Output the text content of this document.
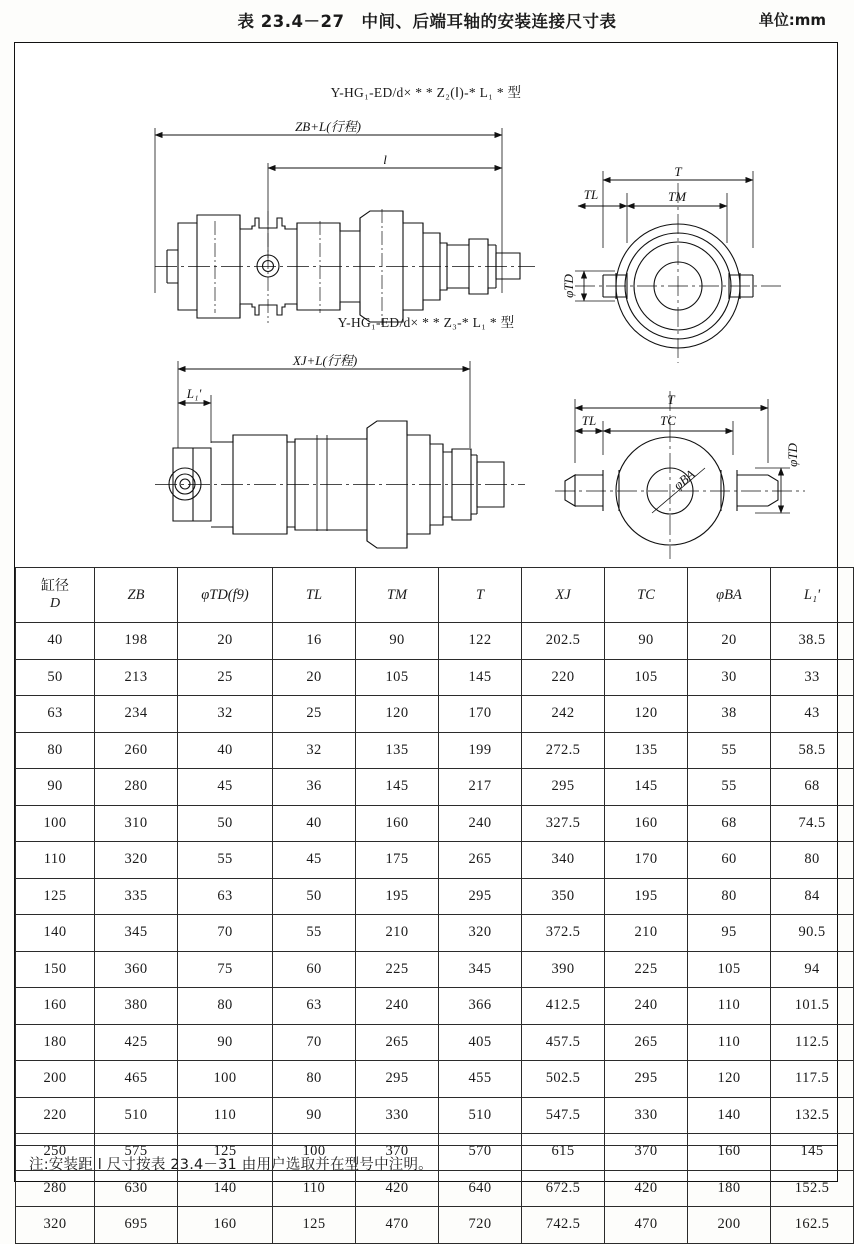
表 23.4－27　中间、后端耳轴的安装连接尺寸表	单位:mm
Y-HG₁-ED/d× * * Z₂(Ⅰ)-* L₁ * 型
Y-HG₁-ED/d× * * Z₃-* L₁ * 型
ZB+L(行程)
l
T
TL	TM
φTD
XJ+L(行程)
L₁'	T
TL	TC
φBA
φTD
缸径
D	ZB	φTD(f9)	TL	TM	T	XJ	TC	φBA	L₁'
40	198	20	16	90	122	202.5	90	20	38.5
50	213	25	20	105	145	220	105	30	33
63	234	32	25	120	170	242	120	38	43
80	260	40	32	135	199	272.5	135	55	58.5
90	280	45	36	145	217	295	145	55	68
100	310	50	40	160	240	327.5	160	68	74.5
110	320	55	45	175	265	340	170	60	80
125	335	63	50	195	295	350	195	80	84
140	345	70	55	210	320	372.5	210	95	90.5
150	360	75	60	225	345	390	225	105	94
160	380	80	63	240	366	412.5	240	110	101.5
180	425	90	70	265	405	457.5	265	110	112.5
200	465	100	80	295	455	502.5	295	120	117.5
220	510	110	90	330	510	547.5	330	140	132.5
250	575	125	100	370	570	615	370	160	145
280	630	140	110	420	640	672.5	420	180	152.5
320	695	160	125	470	720	742.5	470	200	162.5
注:安装距 l 尺寸按表 23.4－31 由用户选取并在型号中注明。
